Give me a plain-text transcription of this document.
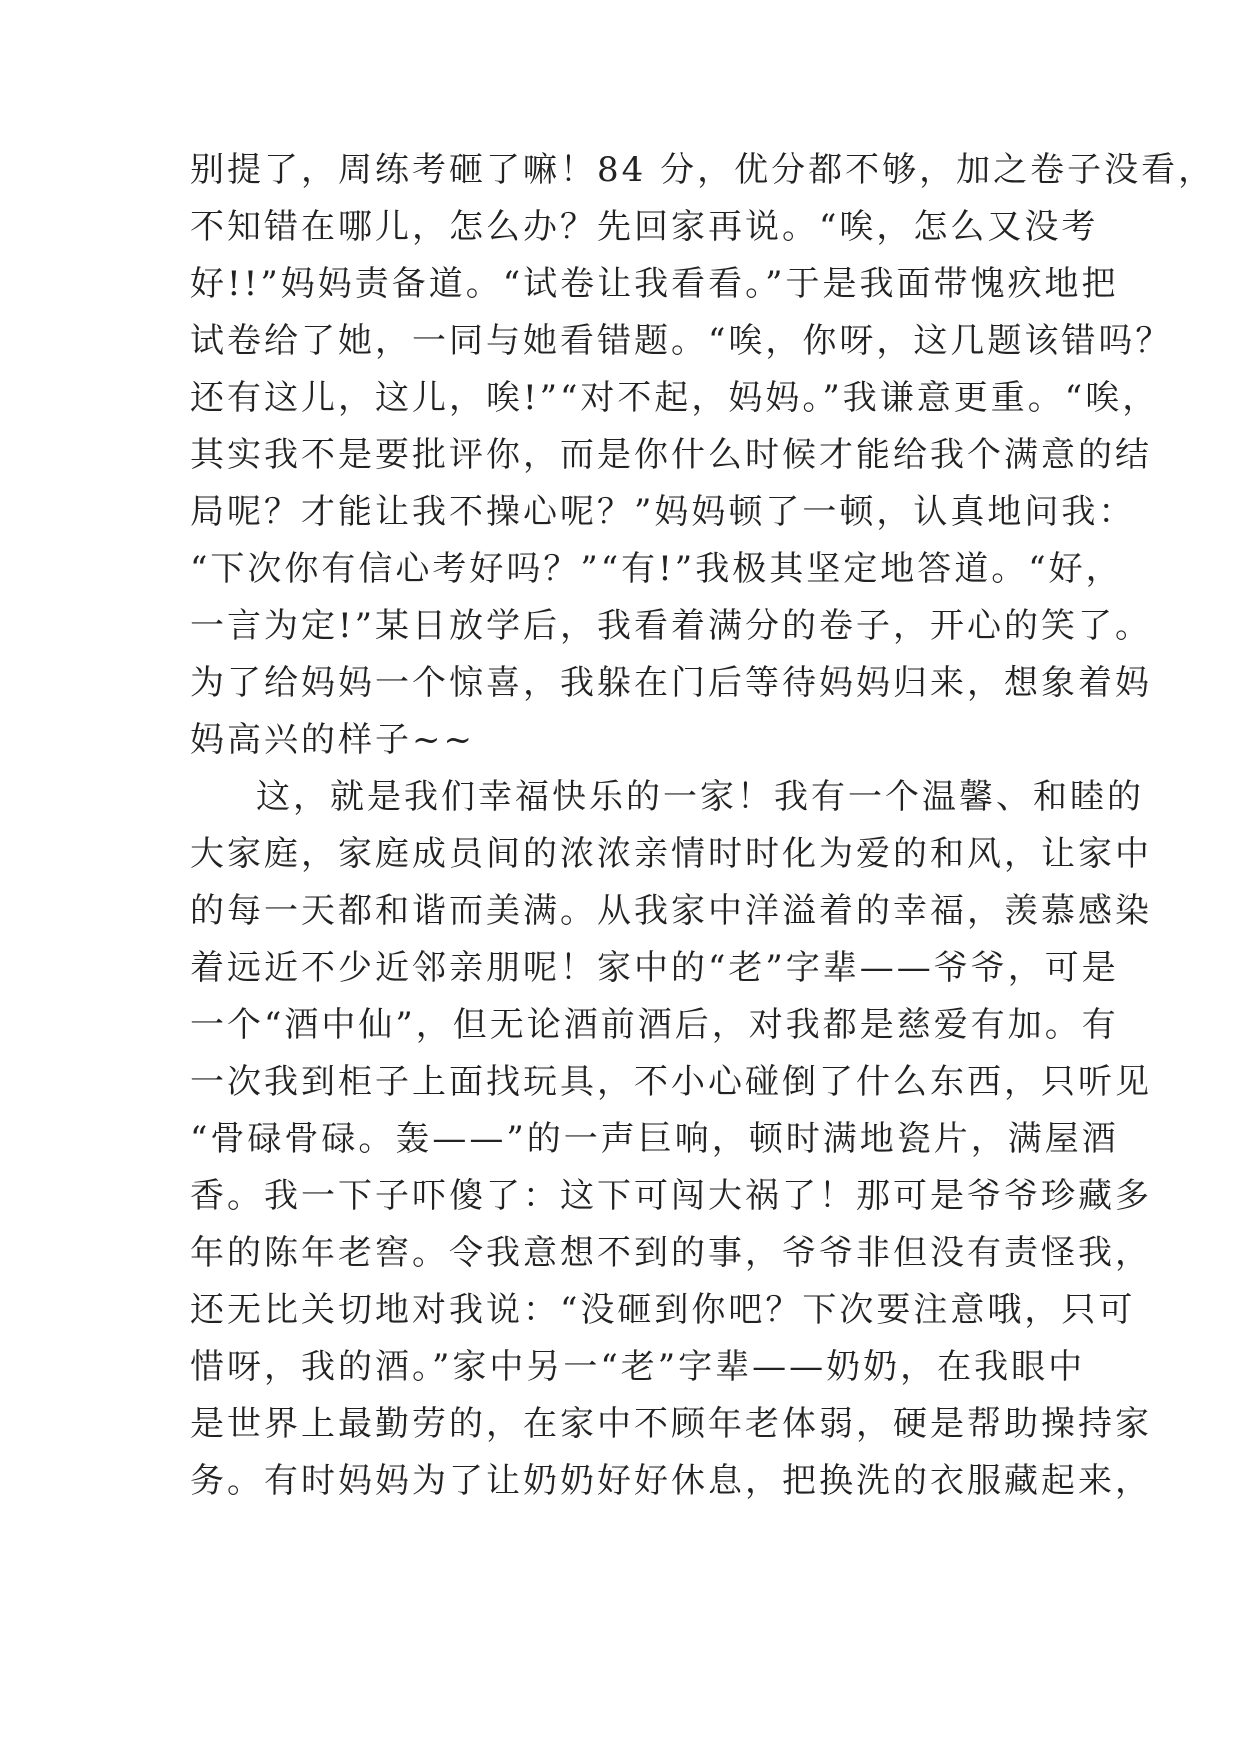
别提了，周练考砸了嘛！84 分，优分都不够，加之卷子没看，
不知错在哪儿，怎么办？先回家再说。“唉，怎么又没考
好!!”妈妈责备道。“试卷让我看看。”于是我面带愧疚地把
试卷给了她，一同与她看错题。“唉，你呀，这几题该错吗？
还有这儿，这儿，唉!”“对不起，妈妈。”我谦意更重。“唉，
其实我不是要批评你，而是你什么时候才能给我个满意的结
局呢？才能让我不操心呢？”妈妈顿了一顿，认真地问我：
“下次你有信心考好吗？”“有!”我极其坚定地答道。“好，
一言为定!”某日放学后，我看着满分的卷子，开心的笑了。
为了给妈妈一个惊喜，我躲在门后等待妈妈归来，想象着妈
妈高兴的样子~~
这，就是我们幸福快乐的一家！我有一个温馨、和睦的
大家庭，家庭成员间的浓浓亲情时时化为爱的和风，让家中
的每一天都和谐而美满。从我家中洋溢着的幸福，羡慕感染
着远近不少近邻亲朋呢！家中的“老”字辈——爷爷，可是
一个“酒中仙”，但无论酒前酒后，对我都是慈爱有加。有
一次我到柜子上面找玩具，不小心碰倒了什么东西，只听见
“骨碌骨碌。轰——”的一声巨响，顿时满地瓷片，满屋酒
香。我一下子吓傻了：这下可闯大祸了！那可是爷爷珍藏多
年的陈年老窖。令我意想不到的事，爷爷非但没有责怪我，
还无比关切地对我说：“没砸到你吧？下次要注意哦，只可
惜呀，我的酒。”家中另一“老”字辈——奶奶，在我眼中
是世界上最勤劳的，在家中不顾年老体弱，硬是帮助操持家
务。有时妈妈为了让奶奶好好休息，把换洗的衣服藏起来，
